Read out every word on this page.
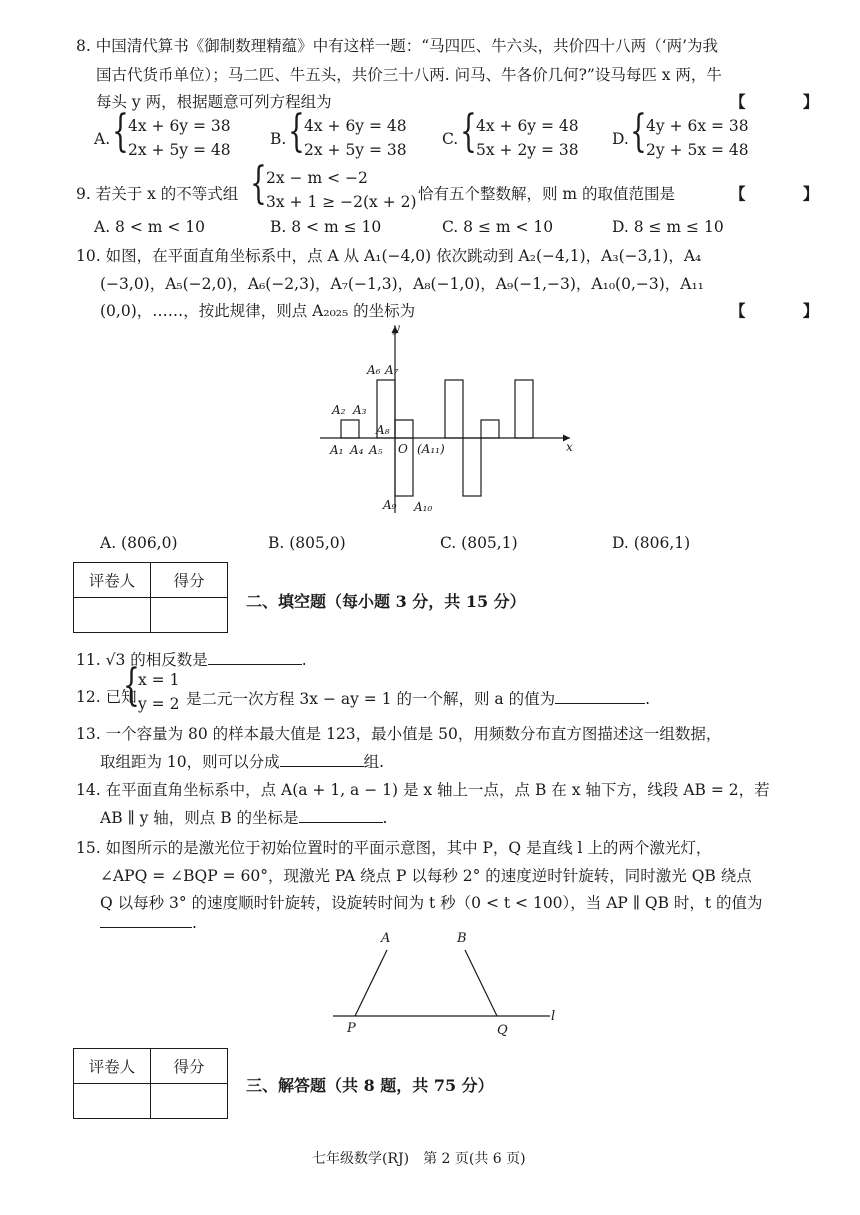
8. 中国清代算书《御制数理精蕴》中有这样一题：“马四匹、牛六头，共价四十八两（‘两’为我
国古代货币单位）；马二匹、牛五头，共价三十八两. 问马、牛各价几何?”设马每匹 x 两，牛
每头 y 两，根据题意可列方程组为	【 】
A. { 4x + 6y = 38
2x + 5y = 48
B. { 4x + 6y = 48
2x + 5y = 38
C. { 4x + 6y = 48
5x + 2y = 38
D. { 4y + 6x = 38
2y + 5x = 48
9. 若关于 x 的不等式组 { 2x − m < −2
3x + 1 ≥ −2(x + 2) 恰有五个整数解，则 m 的取值范围是	【 】
A. 8 < m < 10	B. 8 < m ≤ 10	C. 8 ≤ m < 10	D. 8 ≤ m ≤ 10
10. 如图，在平面直角坐标系中，点 A 从 A₁(−4,0) 依次跳动到 A₂(−4,1)，A₃(−3,1)，A₄
(−3,0)，A₅(−2,0)，A₆(−2,3)，A₇(−1,3)，A₈(−1,0)，A₉(−1,−3)，A₁₀(0,−3)，A₁₁
(0,0)，……，按此规律，则点 A₂₀₂₅ 的坐标为	【 】
y
x
O
A₁
A₂ A₃
A₄ A₅
A₆ A₇
A₈
A₉ A₁₀
(A₁₁)
A. (806,0)	B. (805,0)	C. (805,1)	D. (806,1)
评卷人	得分

二、填空题（每小题 3 分，共 15 分）
11. √3 的相反数是	.
12. 已知
{
x = 1
y = 2 是二元一次方程 3x − ay = 1 的一个解，则 a 的值为	.
13. 一个容量为 80 的样本最大值是 123，最小值是 50，用频数分布直方图描述这一组数据，
取组距为 10，则可以分成	组.
14. 在平面直角坐标系中，点 A(a + 1, a − 1) 是 x 轴上一点，点 B 在 x 轴下方，线段 AB = 2，若
AB ∥ y 轴，则点 B 的坐标是	.
15. 如图所示的是激光位于初始位置时的平面示意图，其中 P，Q 是直线 l 上的两个激光灯，
∠APQ = ∠BQP = 60°，现激光 PA 绕点 P 以每秒 2° 的速度逆时针旋转，同时激光 QB 绕点
Q 以每秒 3° 的速度顺时针旋转，设旋转时间为 t 秒（0 < t < 100），当 AP ∥ QB 时，t 的值为
.
A	B
P	Q
l
评卷人	得分

三、解答题（共 8 题，共 75 分）
七年级数学(RJ)　第 2 页(共 6 页)
